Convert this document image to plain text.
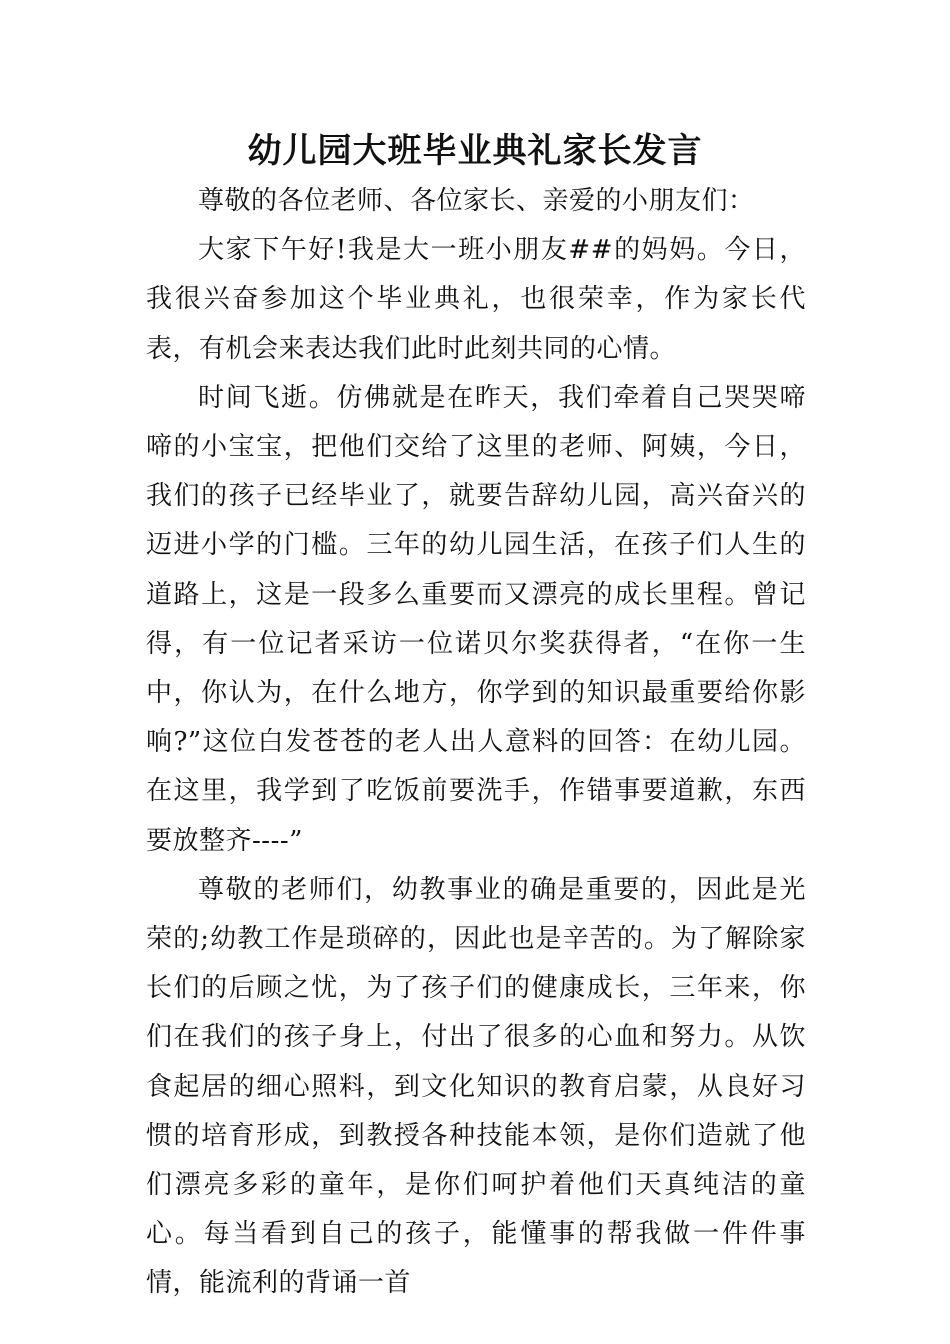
幼儿园大班毕业典礼家长发言

尊敬的各位老师、各位家长、亲爱的小朋友们：

大家下午好!我是大一班小朋友##的妈妈。今日，我很兴奋参加这个毕业典礼，也很荣幸，作为家长代表，有机会来表达我们此时此刻共同的心情。

时间飞逝。仿佛就是在昨天，我们牵着自己哭哭啼啼的小宝宝，把他们交给了这里的老师、阿姨，今日，我们的孩子已经毕业了，就要告辞幼儿园，高兴奋兴的迈进小学的门槛。三年的幼儿园生活，在孩子们人生的道路上，这是一段多么重要而又漂亮的成长里程。曾记得，有一位记者采访一位诺贝尔奖获得者，“在你一生中，你认为，在什么地方，你学到的知识最重要给你影响?”这位白发苍苍的老人出人意料的回答：在幼儿园。在这里，我学到了吃饭前要洗手，作错事要道歉，东西要放整齐----”

尊敬的老师们，幼教事业的确是重要的，因此是光荣的;幼教工作是琐碎的，因此也是辛苦的。为了解除家长们的后顾之忧，为了孩子们的健康成长，三年来，你们在我们的孩子身上，付出了很多的心血和努力。从饮食起居的细心照料，到文化知识的教育启蒙，从良好习惯的培育形成，到教授各种技能本领，是你们造就了他们漂亮多彩的童年，是你们呵护着他们天真纯洁的童心。每当看到自己的孩子，能懂事的帮我做一件件事情，能流利的背诵一首
